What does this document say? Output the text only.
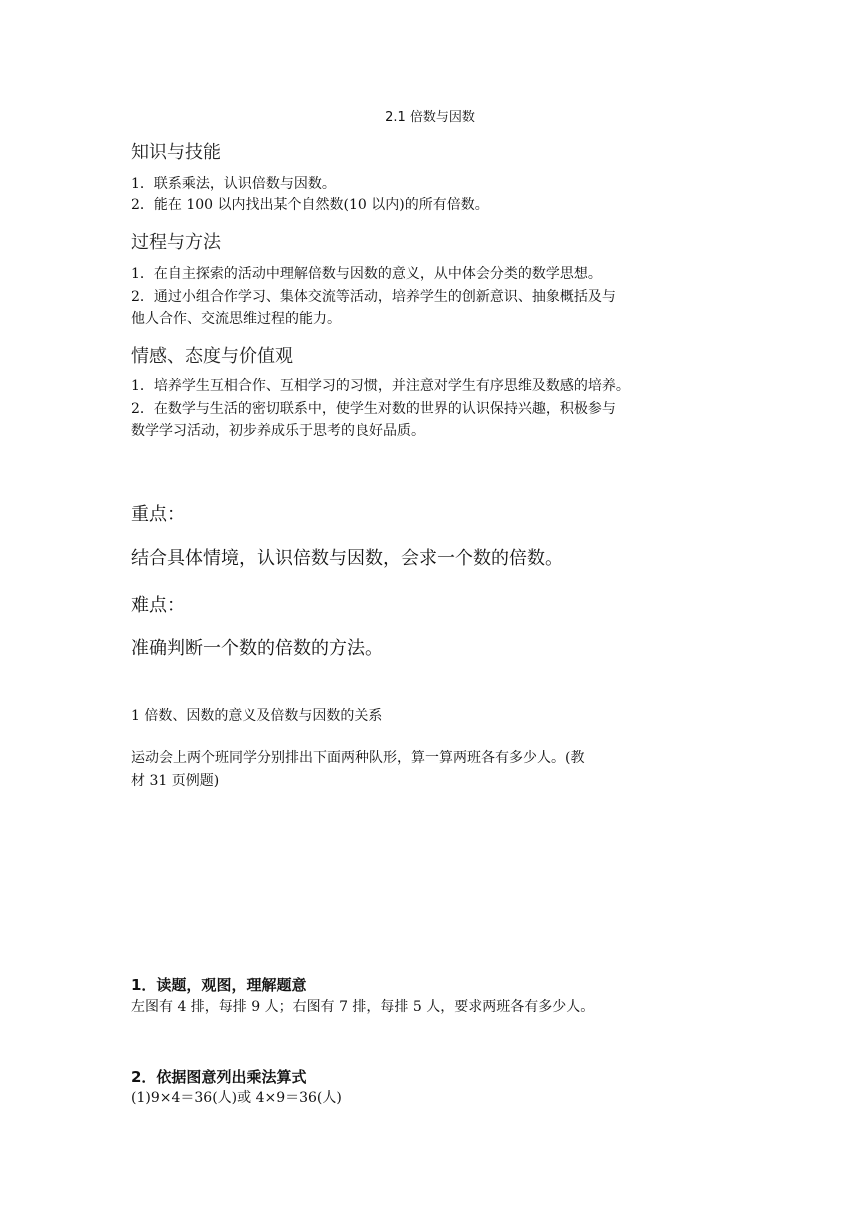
2.1 倍数与因数
知识与技能
1．联系乘法，认识倍数与因数。
2．能在 100 以内找出某个自然数(10 以内)的所有倍数。
过程与方法
1．在自主探索的活动中理解倍数与因数的意义，从中体会分类的数学思想。
2．通过小组合作学习、集体交流等活动，培养学生的创新意识、抽象概括及与
他人合作、交流思维过程的能力。
情感、态度与价值观
1．培养学生互相合作、互相学习的习惯，并注意对学生有序思维及数感的培养。
2．在数学与生活的密切联系中，使学生对数的世界的认识保持兴趣，积极参与
数学学习活动，初步养成乐于思考的良好品质。
重点：
结合具体情境，认识倍数与因数，会求一个数的倍数。
难点：
准确判断一个数的倍数的方法。
1 倍数、因数的意义及倍数与因数的关系
运动会上两个班同学分别排出下面两种队形，算一算两班各有多少人。(教
材 31 页例题)
1．读题，观图，理解题意
左图有 4 排，每排 9 人；右图有 7 排，每排 5 人，要求两班各有多少人。
2．依据图意列出乘法算式
(1)9×4＝36(人)或 4×9＝36(人)
